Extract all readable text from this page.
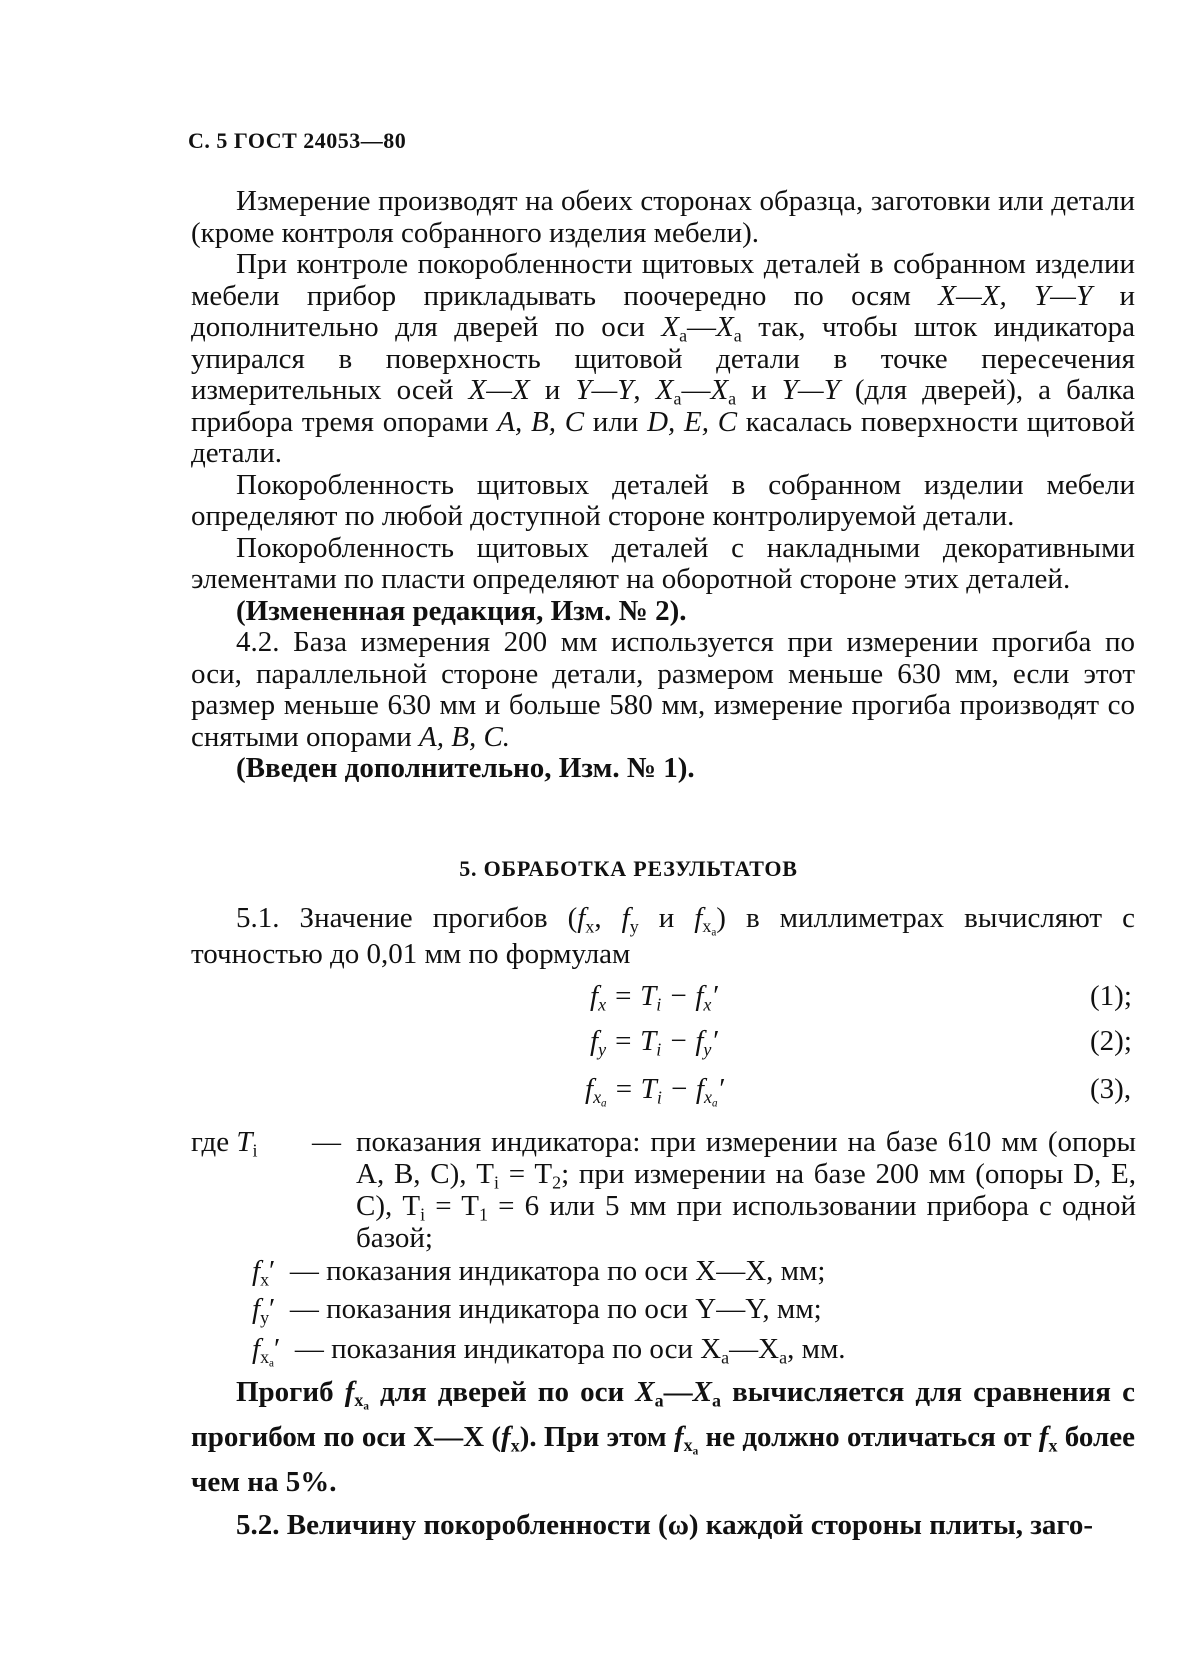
С. 5 ГОСТ 24053—80

Измерение производят на обеих сторонах образца, заготовки или детали (кроме контроля собранного изделия мебели).

При контроле покоробленности щитовых деталей в собранном изделии мебели прибор прикладывать поочередно по осям X—X, Y—Y и дополнительно для дверей по оси $X_a—X_a$ так, чтобы шток индикатора упирался в поверхность щитовой детали в точке пересечения измерительных осей X—X и Y—Y, $X_a—X_a$ и Y—Y (для дверей), а балка прибора тремя опорами A, B, C или D, E, C касалась поверхности щитовой детали.

Покоробленность щитовых деталей в собранном изделии мебели определяют по любой доступной стороне контролируемой детали.

Покоробленность щитовых деталей с накладными декоративными элементами по пласти определяют на оборотной стороне этих деталей.

(Измененная редакция, Изм. № 2).

4.2. База измерения 200 мм используется при измерении прогиба по оси, параллельной стороне детали, размером меньше 630 мм, если этот размер меньше 630 мм и больше 580 мм, измерение прогиба производят со снятыми опорами A, B, C.

(Введен дополнительно, Изм. № 1).

5. ОБРАБОТКА РЕЗУЛЬТАТОВ

5.1. Значение прогибов ($f_x$, $f_y$ и $f_{x_a}$) в миллиметрах вычисляют с точностью до 0,01 мм по формулам

$f_x = T_i - f_x'$	(1);
$f_y = T_i - f_y'$	(2);
$f_{x_a} = T_i - f_{x_a}'$	(3),
где $T_i$ — показания индикатора: при измерении на базе 610 мм (опоры A, B, C), $T_i = T_2$; при измерении на базе 200 мм (опоры D, E, C), $T_i = T_1 = 6$ или 5 мм при использовании прибора с одной базой;
$f_x'$  — показания индикатора по оси X—X, мм;
$f_y'$  — показания индикатора по оси Y—Y, мм;
$f_{x_a}'$  — показания индикатора по оси $X_a—X_a$, мм.

Прогиб $f_{x_a}$ для дверей по оси $X_a—X_a$ вычисляется для сравнения с прогибом по оси X—X $(f_x)$. При этом $f_{x_a}$ не должно отличаться от $f_x$ более чем на 5%.

5.2. Величину покоробленности (ω) каждой стороны плиты, заго-
